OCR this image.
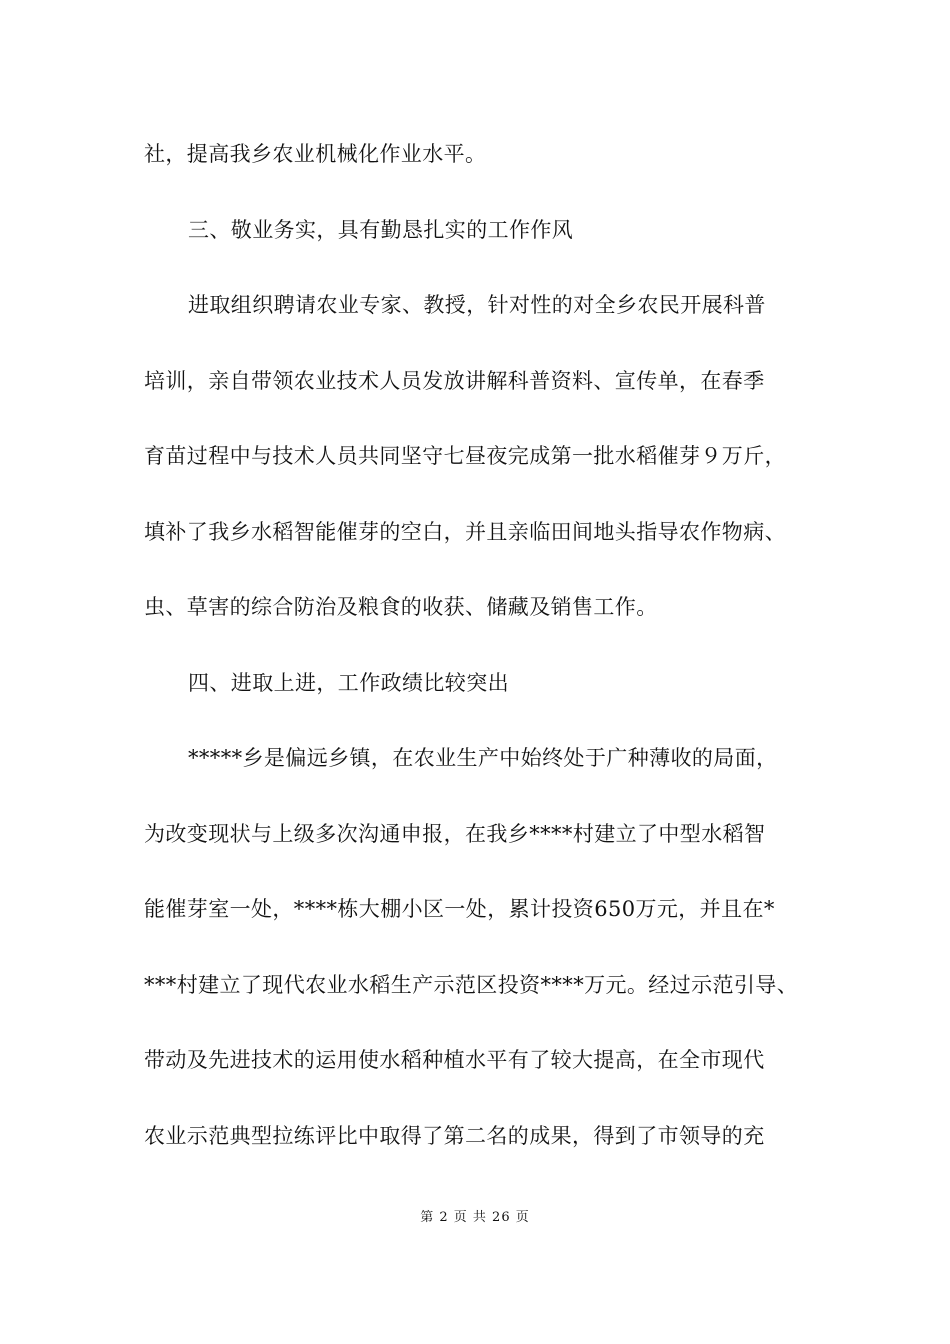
社，提高我乡农业机械化作业水平。
三、敬业务实，具有勤恳扎实的工作作风
进取组织聘请农业专家、教授，针对性的对全乡农民开展科普
培训，亲自带领农业技术人员发放讲解科普资料、宣传单，在春季
育苗过程中与技术人员共同坚守七昼夜完成第一批水稻催芽９万斤，
填补了我乡水稻智能催芽的空白，并且亲临田间地头指导农作物病、
虫、草害的综合防治及粮食的收获、储藏及销售工作。
四、进取上进，工作政绩比较突出
*****乡是偏远乡镇，在农业生产中始终处于广种薄收的局面，
为改变现状与上级多次沟通申报，在我乡****村建立了中型水稻智
能催芽室一处，****栋大棚小区一处，累计投资650万元，并且在*
***村建立了现代农业水稻生产示范区投资****万元。经过示范引导、
带动及先进技术的运用使水稻种植水平有了较大提高，在全市现代
农业示范典型拉练评比中取得了第二名的成果，得到了市领导的充
第 2 页 共 26 页
